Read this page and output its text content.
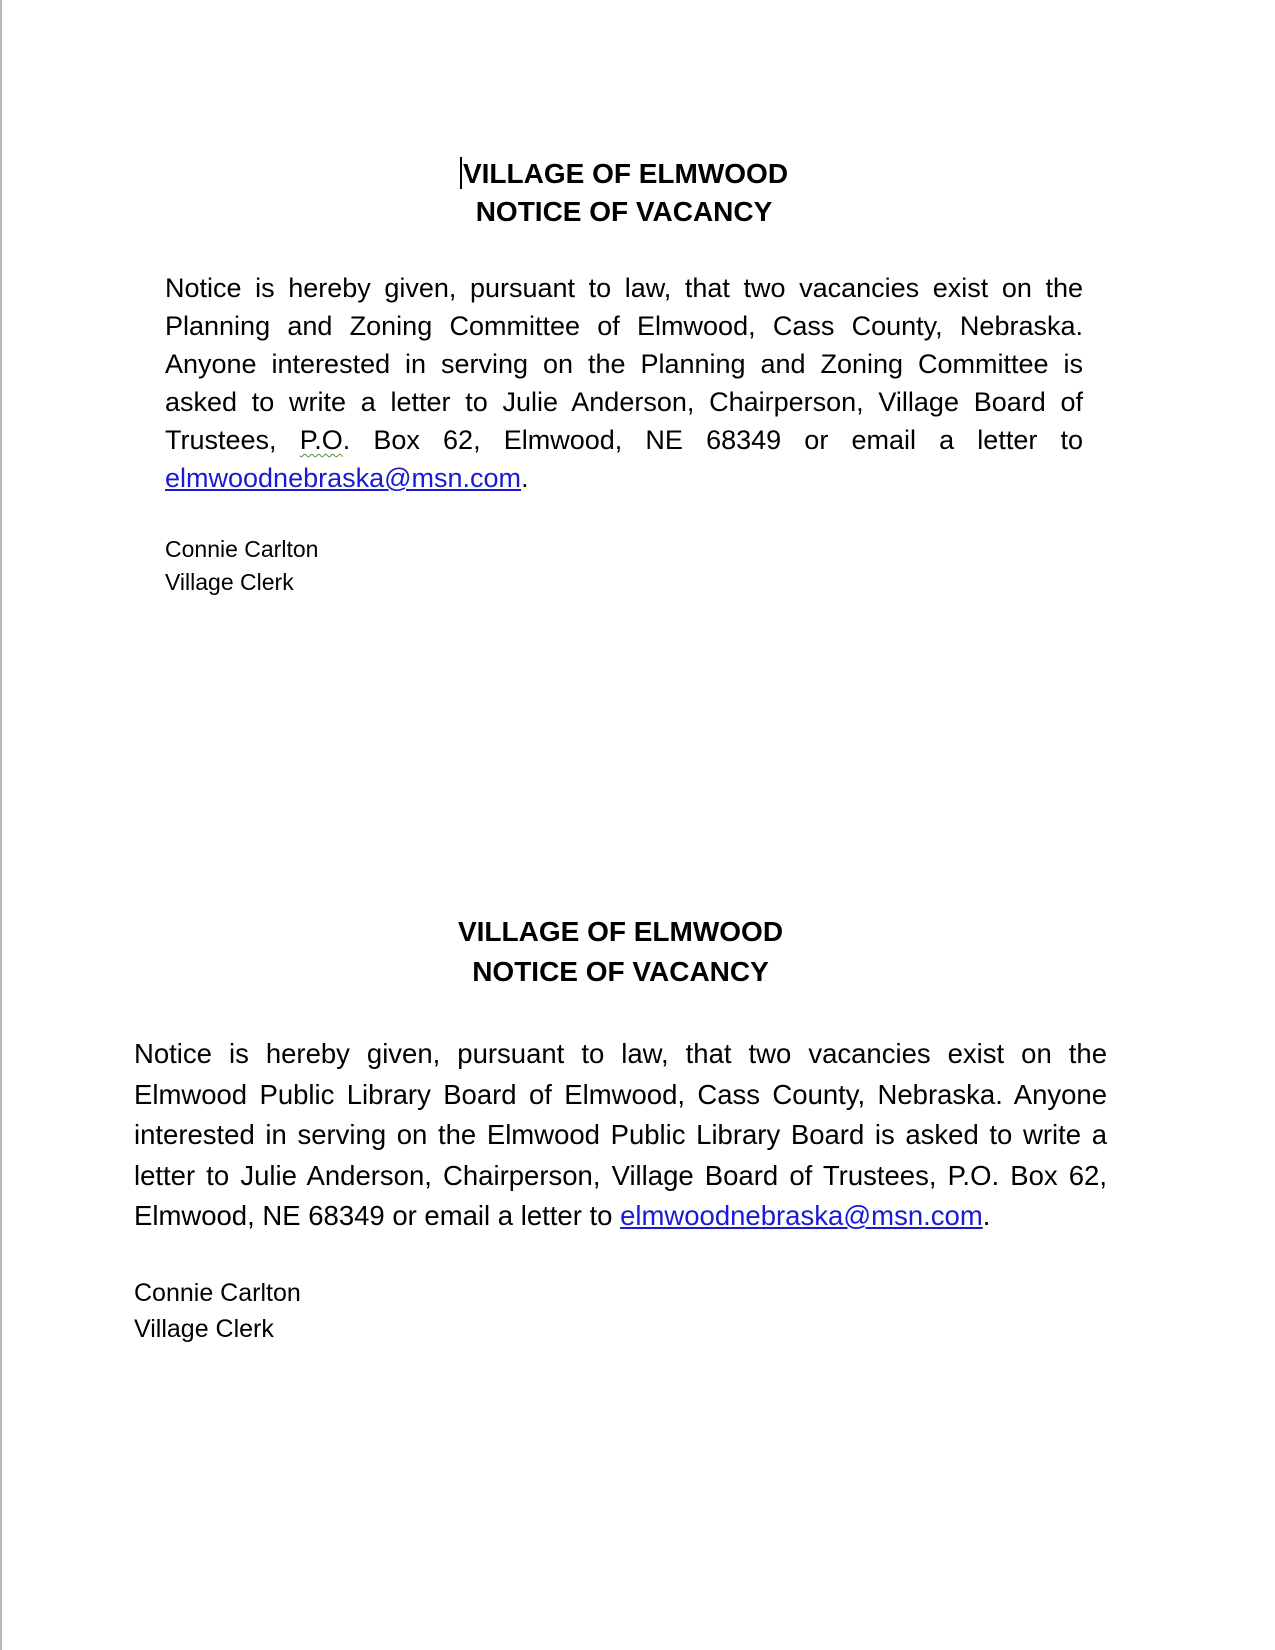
VILLAGE OF ELMWOOD
NOTICE OF VACANCY

Notice is hereby given, pursuant to law, that two vacancies exist on the Planning and Zoning Committee of Elmwood, Cass County, Nebraska. Anyone interested in serving on the Planning and Zoning Committee is asked to write a letter to Julie Anderson, Chairperson, Village Board of Trustees, P.O. Box 62, Elmwood, NE 68349 or email a letter to elmwoodnebraska@msn.com.

Connie Carlton
Village Clerk

VILLAGE OF ELMWOOD
NOTICE OF VACANCY

Notice is hereby given, pursuant to law, that two vacancies exist on the Elmwood Public Library Board of Elmwood, Cass County, Nebraska. Anyone interested in serving on the Elmwood Public Library Board is asked to write a letter to Julie Anderson, Chairperson, Village Board of Trustees, P.O. Box 62, Elmwood, NE 68349 or email a letter to elmwoodnebraska@msn.com.

Connie Carlton
Village Clerk
